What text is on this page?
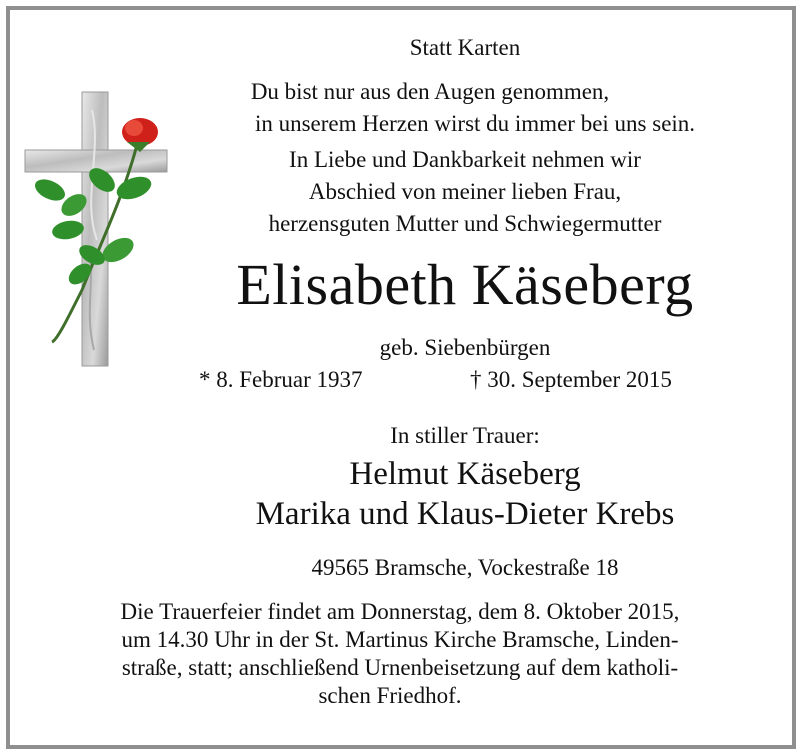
Statt Karten
Du bist nur aus den Augen genommen,
in unserem Herzen wirst du immer bei uns sein.
In Liebe und Dankbarkeit nehmen wir
Abschied von meiner lieben Frau,
herzensguten Mutter und Schwiegermutter
Elisabeth Käseberg
geb. Siebenbürgen
* 8. Februar 1937	† 30. September 2015
In stiller Trauer:
Helmut Käseberg
Marika und Klaus-Dieter Krebs
49565 Bramsche, Vockestraße 18
Die Trauerfeier findet am Donnerstag, dem 8. Oktober 2015,
um 14.30 Uhr in der St. Martinus Kirche Bramsche, Linden-
straße, statt; anschließend Urnenbeisetzung auf dem katholi-
schen Friedhof.
